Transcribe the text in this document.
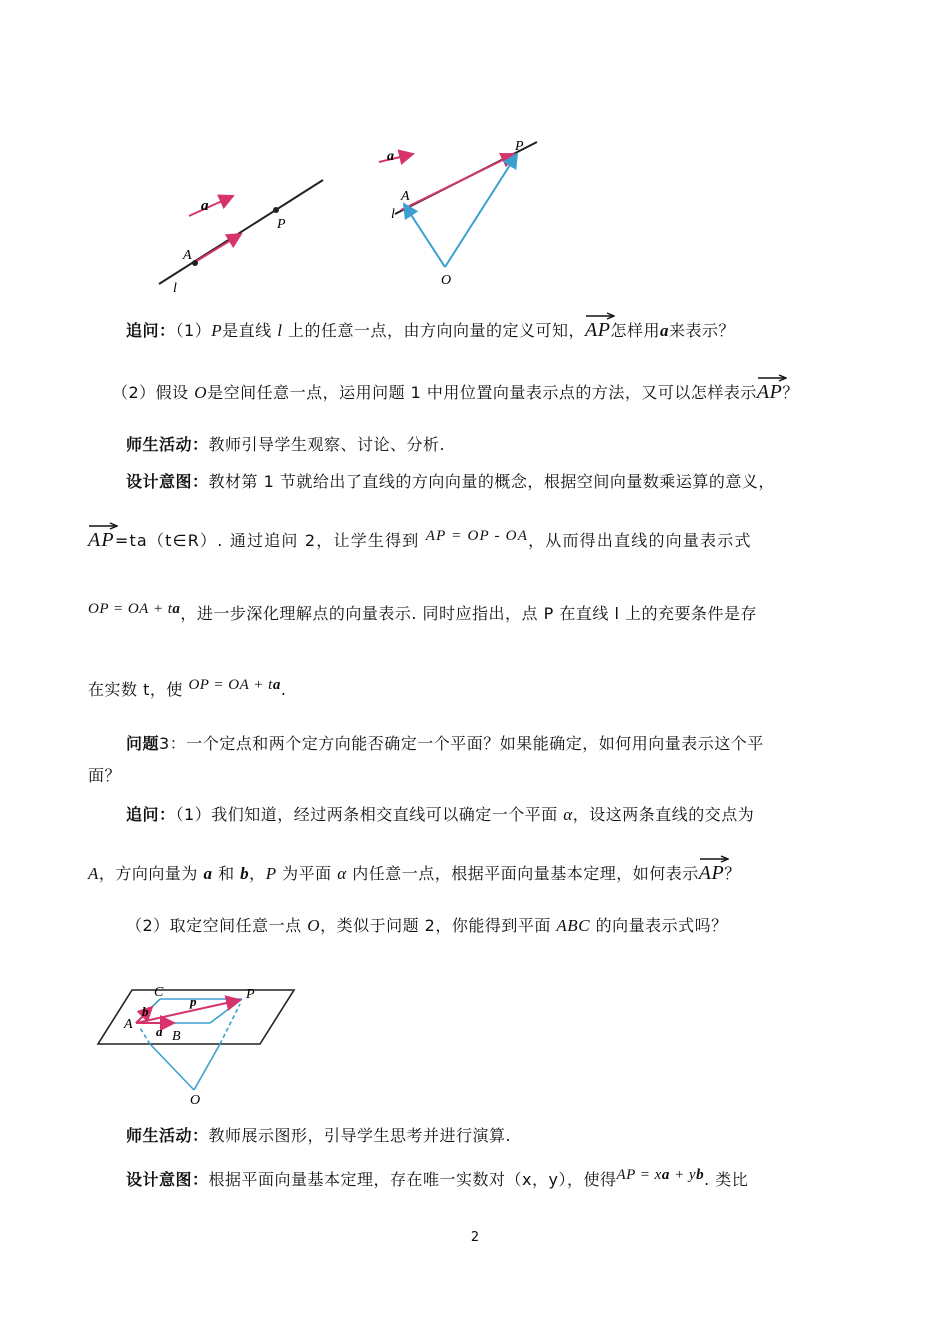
a
A
P
l
a
A
P
l
O
追问：（1）P是直线 l 上的任意一点，由方向向量的定义可知，
AP怎样用a来表示？
（2）假设 O是空间任意一点，运用问题 1 中用位置向量表示点的方法，又可以怎样表示
AP？
师生活动：教师引导学生观察、讨论、分析.
设计意图：教材第 1 节就给出了直线的方向向量的概念，根据空间向量数乘运算的意义，
AP=ta（t∈R）. 通过追问 2，让学生得到 AP = OP - OA，从而得出直线的向量表示式
OP = OA + ta，进一步深化理解点的向量表示. 同时应指出，点 P 在直线 l 上的充要条件是存
在实数 t，使 OP = OA + ta.
问题3：一个定点和两个定方向能否确定一个平面？如果能确定，如何用向量表示这个平
面？
追问：（1）我们知道，经过两条相交直线可以确定一个平面 α，设这两条直线的交点为
A，方向向量为 a 和 b，P 为平面 α 内任意一点，根据平面向量基本定理，如何表示
AP？
（2）取定空间任意一点 O，类似于问题 2，你能得到平面 ABC 的向量表示式吗？
A
B
C	P
O
a
b
p
师生活动：教师展示图形，引导学生思考并进行演算.
设计意图：根据平面向量基本定理，存在唯一实数对（x，y），使得AP = xa + yb. 类比
2
